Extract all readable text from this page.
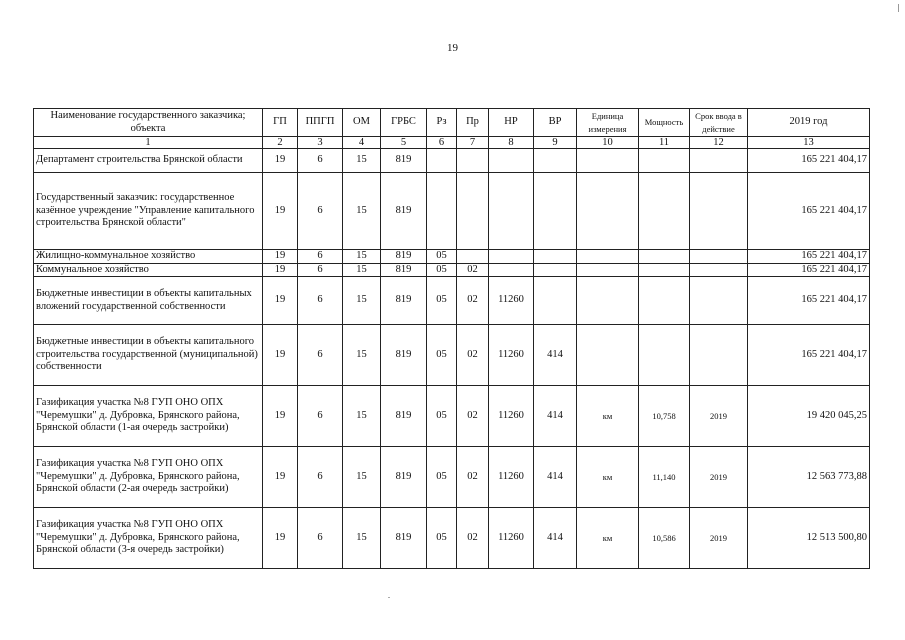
19
Наименование государственного заказчика; объекта	ГП	ППГП	ОМ	ГРБС	Рз	Пр	НР	ВР	Единица измерения	Мощность	Срок ввода в действие	2019 год
1	2	3	4	5	6	7	8	9	10	11	12	13
Департамент строительства Брянской области	19	6	15	819								165 221 404,17
Государственный заказчик: государственное казённое учреждение "Управление капитального строительства Брянской области"	19	6	15	819								165 221 404,17
Жилищно-коммунальное хозяйство	19	6	15	819	05							165 221 404,17
Коммунальное хозяйство	19	6	15	819	05	02						165 221 404,17
Бюджетные инвестиции в объекты капитальных вложений государственной собственности	19	6	15	819	05	02	11260					165 221 404,17
Бюджетные инвестиции в объекты капитального строительства государственной (муниципальной) собственности	19	6	15	819	05	02	11260	414				165 221 404,17
Газификация участка №8 ГУП ОНО ОПХ "Черемушки" д. Дубровка, Брянского района, Брянской области (1-ая очередь застройки)	19	6	15	819	05	02	11260	414	км	10,758	2019	19 420 045,25
Газификация участка №8 ГУП ОНО ОПХ "Черемушки" д. Дубровка, Брянского района, Брянской области (2-ая очередь застройки)	19	6	15	819	05	02	11260	414	км	11,140	2019	12 563 773,88
Газификация участка №8 ГУП ОНО ОПХ "Черемушки" д. Дубровка, Брянского района, Брянской области (3-я очередь застройки)	19	6	15	819	05	02	11260	414	км	10,586	2019	12 513 500,80
